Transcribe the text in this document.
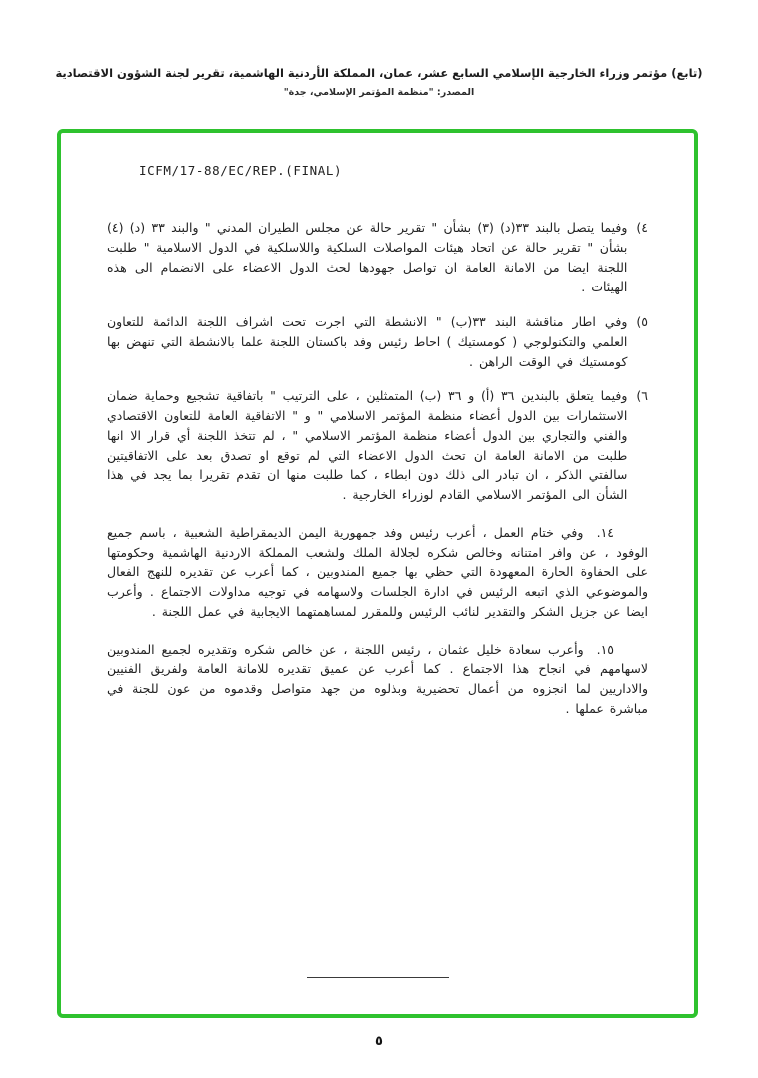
(تابع) مؤتمر وزراء الخارجية الإسلامي السابع عشر، عمان، المملكة الأردنية الهاشمية، تقرير لجنة الشؤون الاقتصادية
المصدر: "منظمة المؤتمر الإسلامي، جدة"
ICFM/17-88/EC/REP.(FINAL)
٤)
وفيما يتصل بالبند ٣٣(د) (٣) بشأن " تقرير حالة عن مجلس الطيران المدني " والبند ٣٣ (د) (٤) بشأن " تقرير حالة عن اتحاد هيئات المواصلات السلكية واللاسلكية في الدول الاسلامية " طلبت اللجنة ايضا من الامانة العامة ان تواصل جهودها لحث الدول الاعضاء على الانضمام الى هذه الهيئات .
٥)
وفي اطار مناقشة البند ٣٣(ب) " الانشطة التي اجرت تحت اشراف اللجنة الدائمة للتعاون العلمي والتكنولوجي ( كومستيك ) احاط رئيس وفد باكستان اللجنة علما بالانشطة التي تنهض بها كومستيك في الوقت الراهن .
٦)
وفيما يتعلق بالبندين ٣٦ (أ) و ٣٦ (ب) المتمثلين ، على الترتيب " باتفاقية تشجيع وحماية ضمان الاستثمارات بين الدول أعضاء منظمة المؤتمر الاسلامي " و " الاتفاقية العامة للتعاون الاقتصادي والفني والتجاري بين الدول أعضاء منظمة المؤتمر الاسلامي " ، لم تتخذ اللجنة أي قرار الا انها طلبت من الامانة العامة ان تحث الدول الاعضاء التي لم توقع او تصدق بعد على الاتفاقيتين سالفتي الذكر ، ان تبادر الى ذلك دون ابطاء ، كما طلبت منها ان تقدم تقريرا بما يجد في هذا الشأن الى المؤتمر الاسلامي القادم لوزراء الخارجية .
١٤. وفي ختام العمل ، أعرب رئيس وفد جمهورية اليمن الديمقراطية الشعبية ، باسم جميع الوفود ، عن وافر امتنانه وخالص شكره لجلالة الملك ولشعب المملكة الاردنية الهاشمية وحكومتها على الحفاوة الحارة المعهودة التي حظي بها جميع المندوبين ، كما أعرب عن تقديره للنهج الفعال والموضوعي الذي اتبعه الرئيس في ادارة الجلسات ولاسهامه في توجيه مداولات الاجتماع . وأعرب ايضا عن جزيل الشكر والتقدير لنائب الرئيس وللمقرر لمساهمتهما الايجابية في عمل اللجنة .
١٥. وأعرب سعادة خليل عثمان ، رئيس اللجنة ، عن خالص شكره وتقديره لجميع المندوبين لاسهامهم في انجاح هذا الاجتماع . كما أعرب عن عميق تقديره للامانة العامة ولفريق الفنيين والاداريين لما انجزوه من أعمال تحضيرية وبذلوه من جهد متواصل وقدموه من عون للجنة في مباشرة عملها .
٥
